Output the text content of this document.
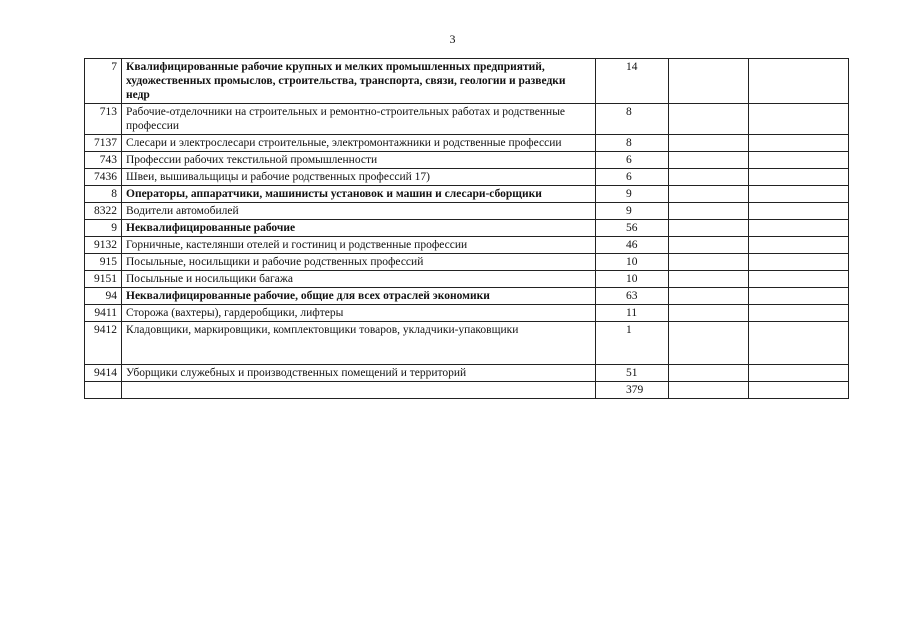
3
7	Квалифицированные рабочие крупных и мелких промышленных предприятий, художественных промыслов, строительства, транспорта, связи, геологии и разведки недр	14		
713	Рабочие-отделочники на строительных и ремонтно-строительных работах и родственные профессии	8		
7137	Слесари и электрослесари строительные, электромонтажники и родственные профессии	8		
743	Профессии рабочих текстильной промышленности	6		
7436	Швеи, вышивальщицы и рабочие родственных профессий 17)	6		
8	Операторы, аппаратчики, машинисты установок и машин и слесари-сборщики	9		
8322	Водители автомобилей	9		
9	Неквалифицированные рабочие	56		
9132	Горничные, кастелянши отелей и гостиниц и родственные профессии	46		
915	Посыльные, носильщики и рабочие родственных профессий	10		
9151	Посыльные и носильщики багажа	10		
94	Неквалифицированные рабочие, общие для всех отраслей экономики	63		
9411	Сторожа (вахтеры), гардеробщики, лифтеры	11		
9412	Кладовщики, маркировщики, комплектовщики товаров, укладчики-упаковщики	1		
9414	Уборщики служебных и производственных помещений и территорий	51		
		379		
